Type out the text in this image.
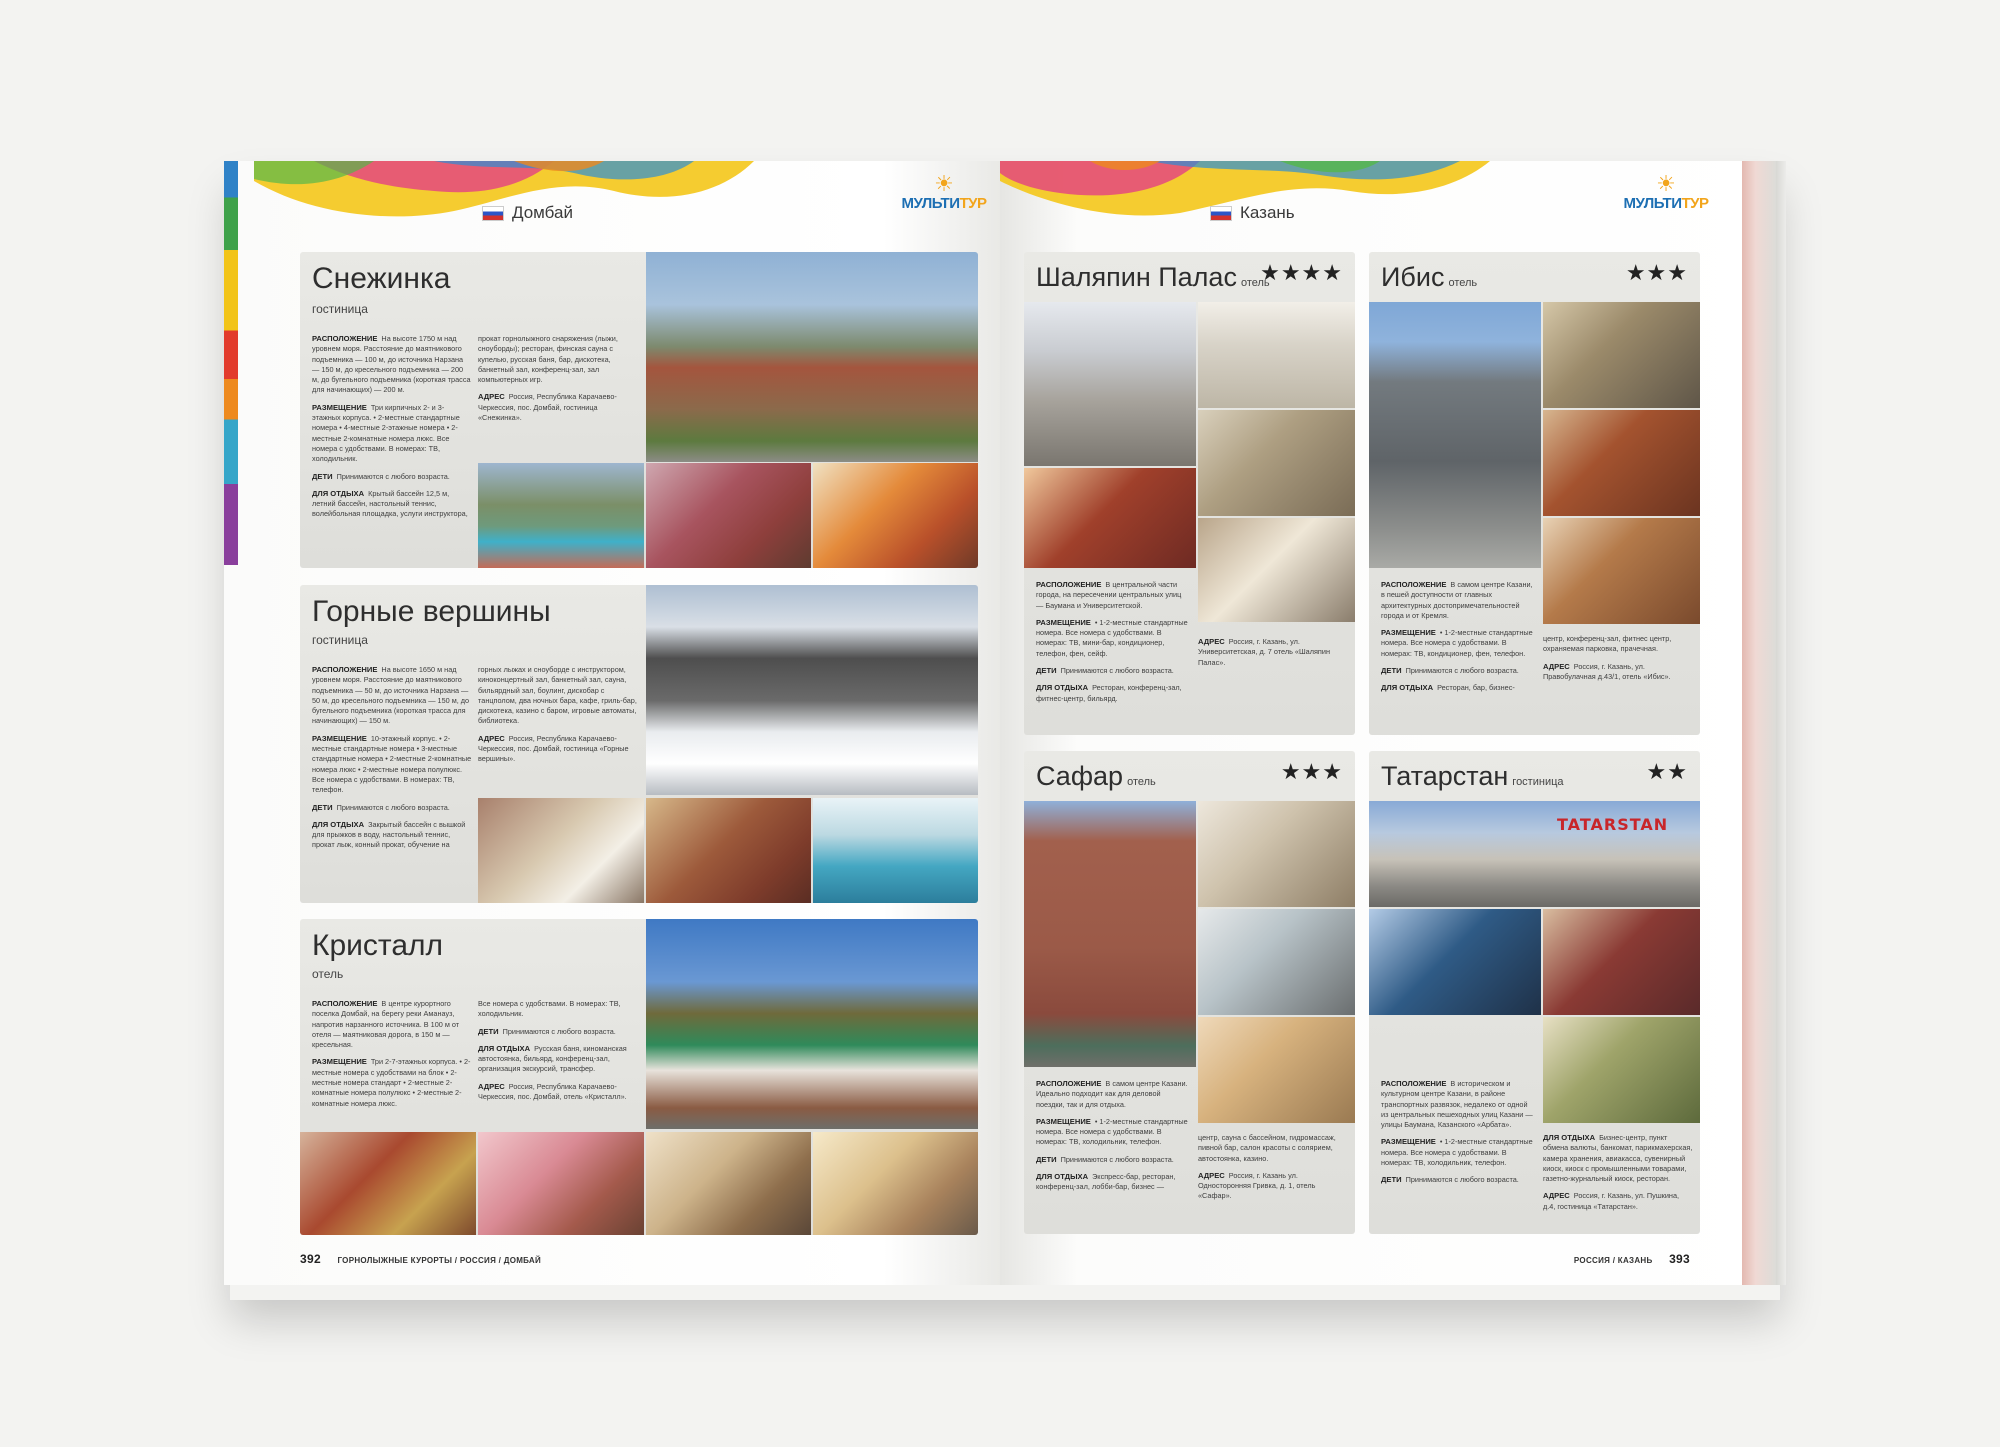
Домбай
☀
МУЛЬТИТУР
Снежинка
гостиница

РАСПОЛОЖЕНИЕ На высоте 1750 м над уровнем моря. Расстояние до маятникового подъемника — 100 м, до источника Нарзана — 150 м, до кресельного подъемника — 200 м, до бугельного подъемника (короткая трасса для начинающих) — 200 м.

РАЗМЕЩЕНИЕ Три кирпичных 2- и 3-этажных корпуса. • 2-местные стандартные номера • 4-местные 2-этажные номера • 2-местные 2-комнатные номера люкс. Все номера с удобствами. В номерах: ТВ, холодильник.

ДЕТИ Принимаются с любого возраста.

ДЛЯ ОТДЫХА Крытый бассейн 12,5 м, летний бассейн, настольный теннис, волейбольная площадка, услуги инструктора,

прокат горнолыжного снаряжения (лыжи, сноуборды); ресторан, финская сауна с купелью, русская баня, бар, дискотека, банкетный зал, конференц-зал, зал компьютерных игр.

АДРЕС Россия, Республика Карачаево-Черкессия, пос. Домбай, гостиница «Снежинка».

Горные вершины
гостиница

РАСПОЛОЖЕНИЕ На высоте 1650 м над уровнем моря. Расстояние до маятникового подъемника — 50 м, до источника Нарзана — 50 м, до кресельного подъемника — 150 м, до бугельного подъемника (короткая трасса для начинающих) — 150 м.

РАЗМЕЩЕНИЕ 10-этажный корпус. • 2-местные стандартные номера • 3-местные стандартные номера • 2-местные 2-комнатные номера люкс • 2-местные номера полулюкс. Все номера с удобствами. В номерах: ТВ, телефон.

ДЕТИ Принимаются с любого возраста.

ДЛЯ ОТДЫХА Закрытый бассейн с вышкой для прыжков в воду, настольный теннис, прокат лыж, конный прокат, обучение на

горных лыжах и сноуборде с инструктором, киноконцертный зал, банкетный зал, сауна, бильярдный зал, боулинг, дискобар с танцполом, два ночных бара, кафе, гриль-бар, дискотека, казино с баром, игровые автоматы, библиотека.

АДРЕС Россия, Республика Карачаево-Черкессия, пос. Домбай, гостиница «Горные вершины».

Кристалл
отель

РАСПОЛОЖЕНИЕ В центре курортного поселка Домбай, на берегу реки Аманауз, напротив нарзанного источника. В 100 м от отеля — маятниковая дорога, в 150 м — кресельная.

РАЗМЕЩЕНИЕ Три 2-7-этажных корпуса. • 2-местные номера с удобствами на блок • 2-местные номера стандарт • 2-местные 2-комнатные номера полулюкс • 2-местные 2-комнатные номера люкс.

Все номера с удобствами. В номерах: ТВ, холодильник.

ДЕТИ Принимаются с любого возраста.

ДЛЯ ОТДЫХА Русская баня, киноманская автостоянка, бильярд, конференц-зал, организация экскурсий, трансфер.

АДРЕС Россия, Республика Карачаево-Черкессия, пос. Домбай, отель «Кристалл».

392 ГОРНОЛЫЖНЫЕ КУРОРТЫ / РОССИЯ / ДОМБАЙ
Казань
☀
МУЛЬТИТУР
Шаляпин Палас отель
★★★★

РАСПОЛОЖЕНИЕ В центральной части города, на пересечении центральных улиц — Баумана и Университетской.

РАЗМЕЩЕНИЕ • 1-2-местные стандартные номера. Все номера с удобствами. В номерах: ТВ, мини-бар, кондиционер, телефон, фен, сейф.

ДЕТИ Принимаются с любого возраста.

ДЛЯ ОТДЫХА Ресторан, конференц-зал, фитнес-центр, бильярд.

АДРЕС Россия, г. Казань, ул. Университетская, д. 7 отель «Шаляпин Палас».

Ибис отель	★★★

РАСПОЛОЖЕНИЕ В самом центре Казани, в пешей доступности от главных архитектурных достопримечательностей города и от Кремля.

РАЗМЕЩЕНИЕ • 1-2-местные стандартные номера. Все номера с удобствами. В номерах: ТВ, кондиционер, фен, телефон.

ДЕТИ Принимаются с любого возраста.

ДЛЯ ОТДЫХА Ресторан, бар, бизнес-

центр, конференц-зал, фитнес центр, охраняемая парковка, прачечная.

АДРЕС Россия, г. Казань, ул. Правобулачная д.43/1, отель «Ибис».

Сафар отель	★★★

РАСПОЛОЖЕНИЕ В самом центре Казани. Идеально подходит как для деловой поездки, так и для отдыха.

РАЗМЕЩЕНИЕ • 1-2-местные стандартные номера. Все номера с удобствами. В номерах: ТВ, холодильник, телефон.

ДЕТИ Принимаются с любого возраста.

ДЛЯ ОТДЫХА Экспресс-бар, ресторан, конференц-зал, лобби-бар, бизнес —

центр, сауна с бассейном, гидромассаж, пивной бар, салон красоты с солярием, автостоянка, казино.

АДРЕС Россия, г. Казань ул. Односторонняя Гривка, д. 1, отель «Сафар».

Татарстан гостиница	★★
TATARSTAN

РАСПОЛОЖЕНИЕ В историческом и культурном центре Казани, в районе транспортных развязок, недалеко от одной из центральных пешеходных улиц Казани — улицы Баумана, Казанского «Арбата».

РАЗМЕЩЕНИЕ • 1-2-местные стандартные номера. Все номера с удобствами. В номерах: ТВ, холодильник, телефон.

ДЕТИ Принимаются с любого возраста.

ДЛЯ ОТДЫХА Бизнес-центр, пункт обмена валюты, банкомат, парикмахерская, камера хранения, авиакасса, сувенирный киоск, киоск с промышленными товарами, газетно-журнальный киоск, ресторан.

АДРЕС Россия, г. Казань, ул. Пушкина, д.4, гостиница «Татарстан».

РОССИЯ / КАЗАНЬ 393
